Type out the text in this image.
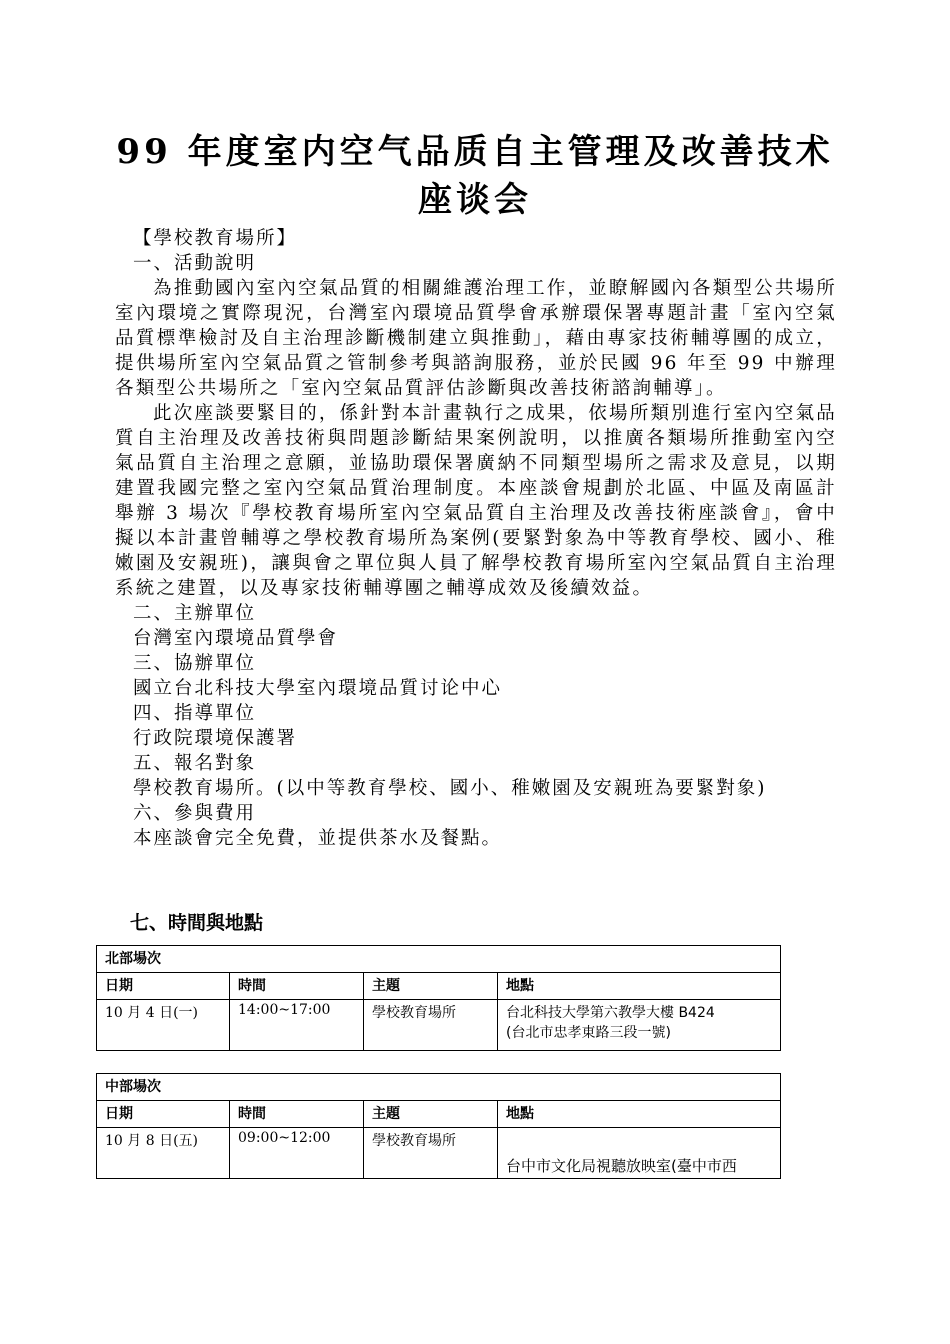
99 年度室内空气品质自主管理及改善技术座谈会

【學校教育場所】

一、活動說明

為推動國內室內空氣品質的相關維護治理工作，並瞭解國內各類型公共場所室內環境之實際現況，台灣室內環境品質學會承辦環保署專題計畫「室內空氣品質標準檢討及自主治理診斷機制建立與推動」，藉由專家技術輔導團的成立，提供場所室內空氣品質之管制參考與諮詢服務，並於民國 96 年至 99 中辦理各類型公共場所之「室內空氣品質評估診斷與改善技術諮詢輔導」。

此次座談要緊目的，係針對本計畫執行之成果，依場所類別進行室內空氣品質自主治理及改善技術與問題診斷結果案例說明，以推廣各類場所推動室內空氣品質自主治理之意願，並協助環保署廣納不同類型場所之需求及意見，以期建置我國完整之室內空氣品質治理制度。本座談會規劃於北區、中區及南區計舉辦 3 場次『學校教育場所室內空氣品質自主治理及改善技術座談會』，會中擬以本計畫曾輔導之學校教育場所為案例(要緊對象為中等教育學校、國小、稚嫩園及安親班)，讓與會之單位與人員了解學校教育場所室內空氣品質自主治理系統之建置，以及專家技術輔導團之輔導成效及後續效益。

二、主辦單位

台灣室內環境品質學會

三、協辦單位

國立台北科技大學室內環境品質讨论中心

四、指導單位

行政院環境保護署

五、報名對象

學校教育場所。(以中等教育學校、國小、稚嫩園及安親班為要緊對象)

六、參與費用

本座談會完全免費，並提供茶水及餐點。

七、時間與地點
北部場次			
日期	時間	主題	地點
10 月 4 日(一)	14:00~17:00	學校教育場所	台北科技大學第六教學大樓 B424
(台北市忠孝東路三段一號)
中部場次			
日期	時間	主題	地點
10 月 8 日(五)	09:00~12:00	學校教育場所	台中市文化局視聽放映室(臺中市西
